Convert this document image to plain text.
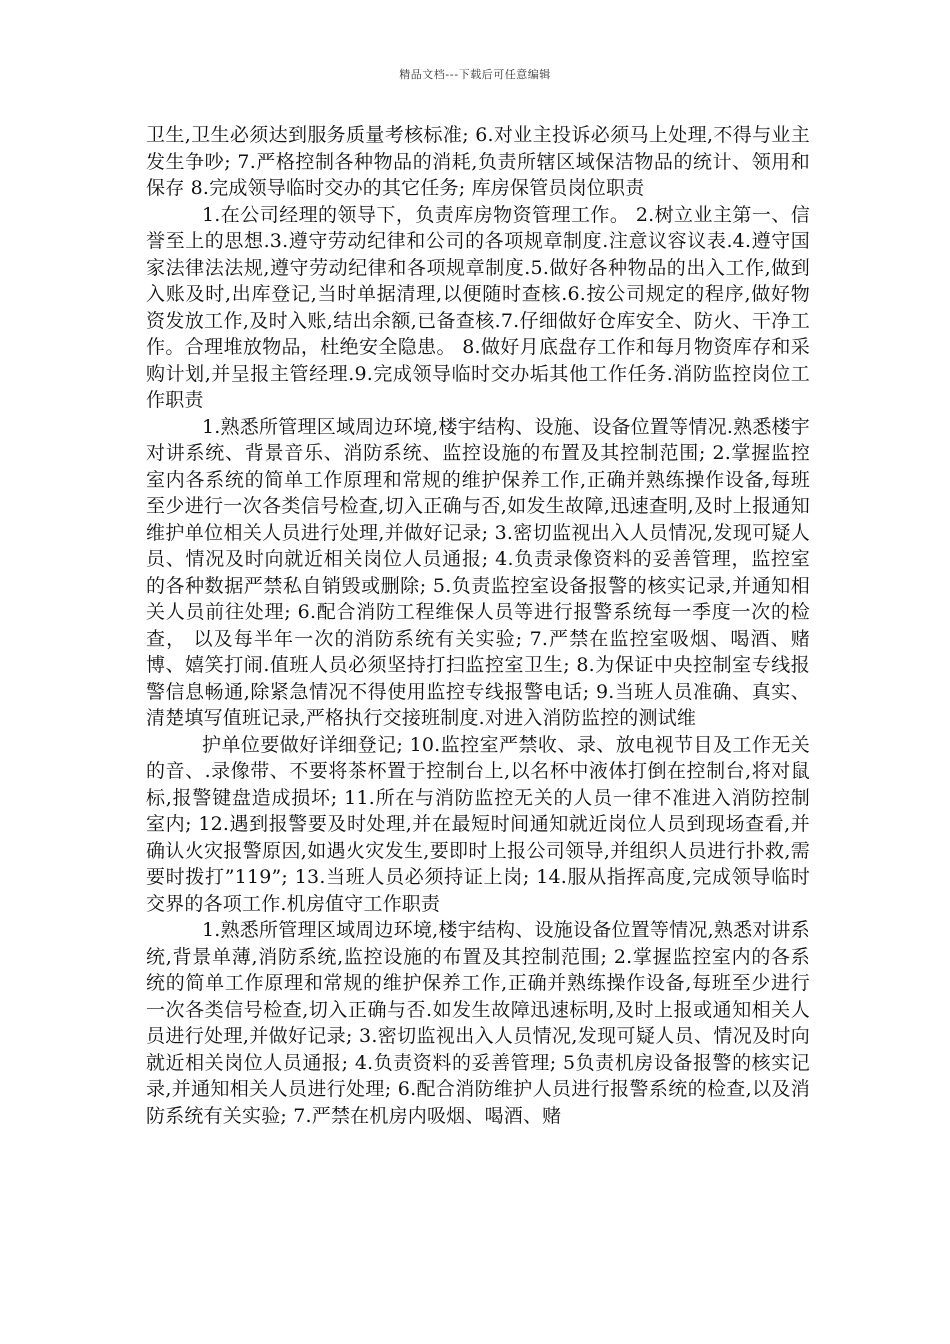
精品文档---下载后可任意编辑

卫生,卫生必须达到服务质量考核标准; 6.对业主投诉必须马上处理,不得与业主发生争吵; 7.严格控制各种物品的消耗,负责所辖区域保洁物品的统计、领用和保存 8.完成领导临时交办的其它任务; 库房保管员岗位职责

1.在公司经理的领导下，负责库房物资管理工作。 2.树立业主第一、信誉至上的思想.3.遵守劳动纪律和公司的各项规章制度.注意议容议表.4.遵守国家法律法法规,遵守劳动纪律和各项规章制度.5.做好各种物品的出入工作,做到入账及时,出库登记,当时单据清理,以便随时查核.6.按公司规定的程序,做好物资发放工作,及时入账,结出余额,已备查核.7.仔细做好仓库安全、防火、干净工作。合理堆放物品，杜绝安全隐患。 8.做好月底盘存工作和每月物资库存和采购计划,并呈报主管经理.9.完成领导临时交办垢其他工作任务.消防监控岗位工作职责

1.熟悉所管理区域周边环境,楼宇结构、设施、设备位置等情况.熟悉楼宇对讲系统、背景音乐、消防系统、监控设施的布置及其控制范围; 2.掌握监控室内各系统的简单工作原理和常规的维护保养工作,正确并熟练操作设备,每班至少进行一次各类信号检查,切入正确与否,如发生故障,迅速查明,及时上报通知维护单位相关人员进行处理,并做好记录; 3.密切监视出入人员情况,发现可疑人员、情况及时向就近相关岗位人员通报; 4.负责录像资料的妥善管理，监控室的各种数据严禁私自销毁或删除; 5.负责监控室设备报警的核实记录,并通知相关人员前往处理; 6.配合消防工程维保人员等进行报警系统每一季度一次的检查， 以及每半年一次的消防系统有关实验; 7.严禁在监控室吸烟、喝酒、赌博、嬉笑打闹.值班人员必须坚持打扫监控室卫生; 8.为保证中央控制室专线报警信息畅通,除紧急情况不得使用监控专线报警电话; 9.当班人员准确、真实、清楚填写值班记录,严格执行交接班制度.对进入消防监控的测试维

护单位要做好详细登记; 10.监控室严禁收、录、放电视节目及工作无关的音、.录像带、不要将茶杯置于控制台上,以名杯中液体打倒在控制台,将对鼠标,报警键盘造成损坏; 11.所在与消防监控无关的人员一律不准进入消防控制室内; 12.遇到报警要及时处理,并在最短时间通知就近岗位人员到现场查看,并确认火灾报警原因,如遇火灾发生,要即时上报公司领导,并组织人员进行扑救,需要时拨打”119”; 13.当班人员必须持证上岗; 14.服从指挥高度,完成领导临时交界的各项工作.机房值守工作职责

1.熟悉所管理区域周边环境,楼宇结构、设施设备位置等情况,熟悉对讲系统,背景单薄,消防系统,监控设施的布置及其控制范围; 2.掌握监控室内的各系统的简单工作原理和常规的维护保养工作,正确并熟练操作设备,每班至少进行一次各类信号检查,切入正确与否.如发生故障迅速标明,及时上报或通知相关人员进行处理,并做好记录; 3.密切监视出入人员情况,发现可疑人员、情况及时向就近相关岗位人员通报; 4.负责资料的妥善管理; 5负责机房设备报警的核实记录,并通知相关人员进行处理; 6.配合消防维护人员进行报警系统的检查,以及消防系统有关实验; 7.严禁在机房内吸烟、喝酒、赌
